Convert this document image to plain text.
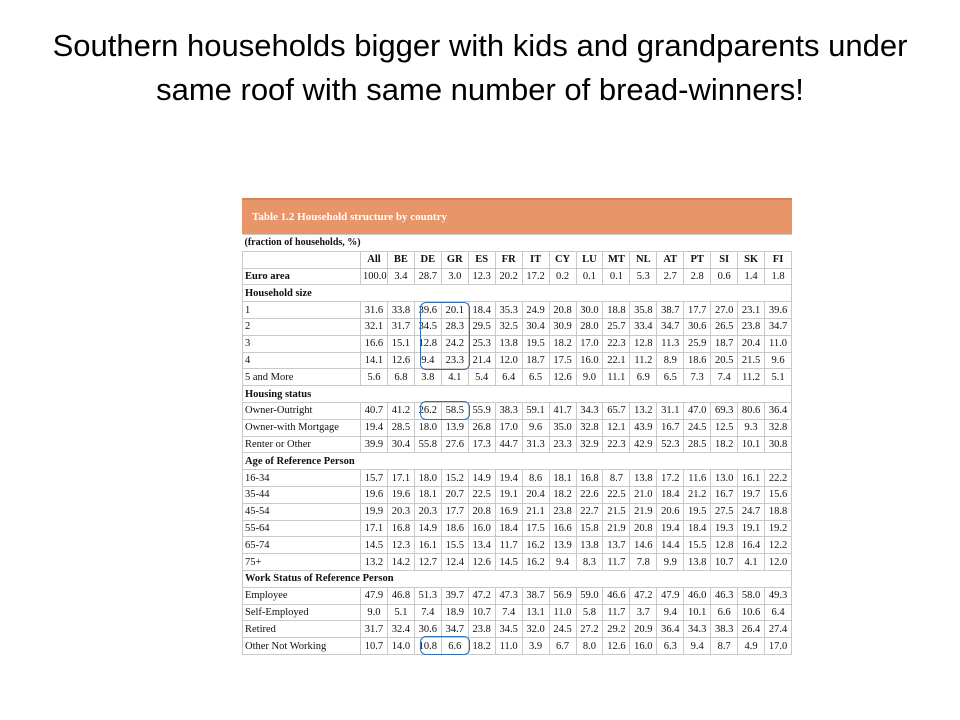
Southern households bigger with kids and grandparents under same roof with same number of bread-winners!
Table 1.2 Household structure by country
(fraction of households, %)																
	All	BE	DE	GR	ES	FR	IT	CY	LU	MT	NL	AT	PT	SI	SK	FI
Euro area	100.0	3.4	28.7	3.0	12.3	20.2	17.2	0.2	0.1	0.1	5.3	2.7	2.8	0.6	1.4	1.8
Household size																
1	31.6	33.8	39.6	20.1	18.4	35.3	24.9	20.8	30.0	18.8	35.8	38.7	17.7	27.0	23.1	39.6
2	32.1	31.7	34.5	28.3	29.5	32.5	30.4	30.9	28.0	25.7	33.4	34.7	30.6	26.5	23.8	34.7
3	16.6	15.1	12.8	24.2	25.3	13.8	19.5	18.2	17.0	22.3	12.8	11.3	25.9	18.7	20.4	11.0
4	14.1	12.6	9.4	23.3	21.4	12.0	18.7	17.5	16.0	22.1	11.2	8.9	18.6	20.5	21.5	9.6
5 and More	5.6	6.8	3.8	4.1	5.4	6.4	6.5	12.6	9.0	11.1	6.9	6.5	7.3	7.4	11.2	5.1
Housing status																
Owner-Outright	40.7	41.2	26.2	58.5	55.9	38.3	59.1	41.7	34.3	65.7	13.2	31.1	47.0	69.3	80.6	36.4
Owner-with Mortgage	19.4	28.5	18.0	13.9	26.8	17.0	9.6	35.0	32.8	12.1	43.9	16.7	24.5	12.5	9.3	32.8
Renter or Other	39.9	30.4	55.8	27.6	17.3	44.7	31.3	23.3	32.9	22.3	42.9	52.3	28.5	18.2	10.1	30.8
Age of Reference Person																
16-34	15.7	17.1	18.0	15.2	14.9	19.4	8.6	18.1	16.8	8.7	13.8	17.2	11.6	13.0	16.1	22.2
35-44	19.6	19.6	18.1	20.7	22.5	19.1	20.4	18.2	22.6	22.5	21.0	18.4	21.2	16.7	19.7	15.6
45-54	19.9	20.3	20.3	17.7	20.8	16.9	21.1	23.8	22.7	21.5	21.9	20.6	19.5	27.5	24.7	18.8
55-64	17.1	16.8	14.9	18.6	16.0	18.4	17.5	16.6	15.8	21.9	20.8	19.4	18.4	19.3	19.1	19.2
65-74	14.5	12.3	16.1	15.5	13.4	11.7	16.2	13.9	13.8	13.7	14.6	14.4	15.5	12.8	16.4	12.2
75+	13.2	14.2	12.7	12.4	12.6	14.5	16.2	9.4	8.3	11.7	7.8	9.9	13.8	10.7	4.1	12.0
Work Status of Reference Person																
Employee	47.9	46.8	51.3	39.7	47.2	47.3	38.7	56.9	59.0	46.6	47.2	47.9	46.0	46.3	58.0	49.3
Self-Employed	9.0	5.1	7.4	18.9	10.7	7.4	13.1	11.0	5.8	11.7	3.7	9.4	10.1	6.6	10.6	6.4
Retired	31.7	32.4	30.6	34.7	23.8	34.5	32.0	24.5	27.2	29.2	20.9	36.4	34.3	38.3	26.4	27.4
Other Not Working	10.7	14.0	10.8	6.6	18.2	11.0	3.9	6.7	8.0	12.6	16.0	6.3	9.4	8.7	4.9	17.0
